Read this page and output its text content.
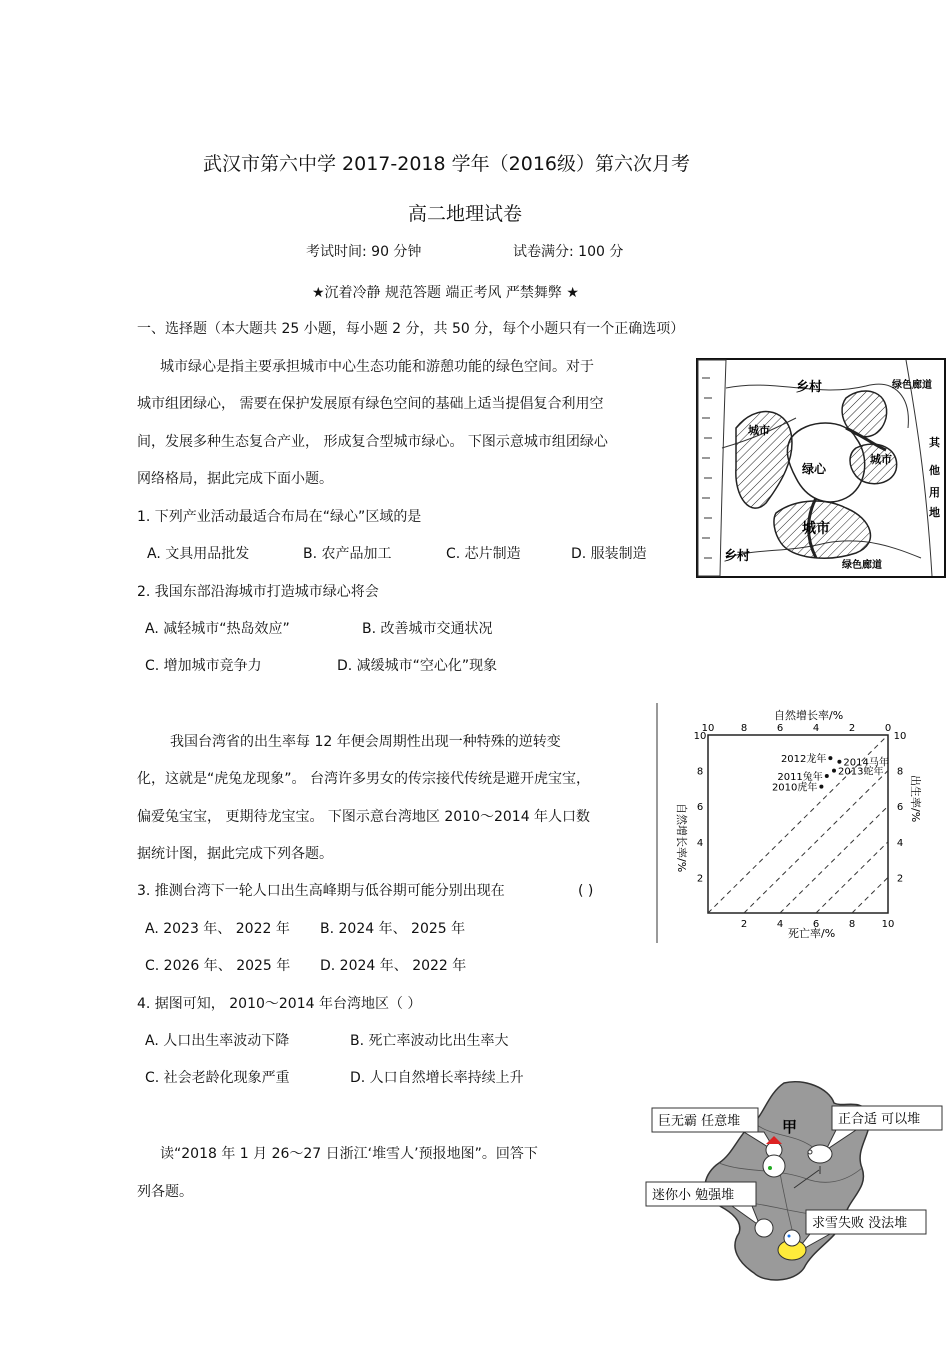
武汉市第六中学 2017-2018 学年（2016级）第六次月考
高二地理试卷
考试时间: 90 分钟	试卷满分: 100 分
★沉着冷静 规范答题 端正考风 严禁舞弊 ★
一、选择题（本大题共 25 小题，每小题 2 分，共 50 分，每个小题只有一个正确选项）
城市绿心是指主要承担城市中心生态功能和游憩功能的绿色空间。对于
城市组团绿心， 需要在保护发展原有绿色空间的基础上适当提倡复合利用空
间，发展多种生态复合产业， 形成复合型城市绿心。 下图示意城市组团绿心
网络格局，据此完成下面小题。
1. 下列产业活动最适合布局在“绿心”区域的是
A. 文具用品批发	B. 农产品加工	C. 芯片制造	D. 服装制造
2. 我国东部沿海城市打造城市绿心将会
A. 减轻城市“热岛效应”	B. 改善城市交通状况
C. 增加城市竞争力	D. 减缓城市“空心化”现象
乡村	绿色廊道
城市
城市
绿心
城市
乡村
绿色廊道
其
他
用
地
我国台湾省的出生率每 12 年便会周期性出现一种特殊的逆转变
化，这就是“虎兔龙现象”。 台湾许多男女的传宗接代传统是避开虎宝宝，
偏爱兔宝宝， 更期待龙宝宝。 下图示意台湾地区 2010～2014 年人口数
据统计图，据此完成下列各题。
3. 推测台湾下一轮人口出生高峰期与低谷期可能分别出现在	( )
A. 2023 年、 2022 年 B. 2024 年、 2025 年
C. 2026 年、 2025 年 D. 2024 年、 2022 年
4. 据图可知， 2010～2014 年台湾地区（ ）
A. 人口出生率波动下降	B. 死亡率波动比出生率大
C. 社会老龄化现象严重	D. 人口自然增长率持续上升
2	4	6	8	10
2	2
4	4
6	6
8	8
10	10
10	8	6	4	2	0
2010虎年
2011兔年
2012龙年
2013蛇年
2014马年
自然增长率/%
死亡率/%
自然增长率/%
出生率/%
读“2018 年 1 月 26～27 日浙江‘堆雪人’预报地图”。回答下
列各题。
巨无霸 任意堆	正合适 可以堆
迷你小 勉强堆
求雪失败 没法堆
甲
